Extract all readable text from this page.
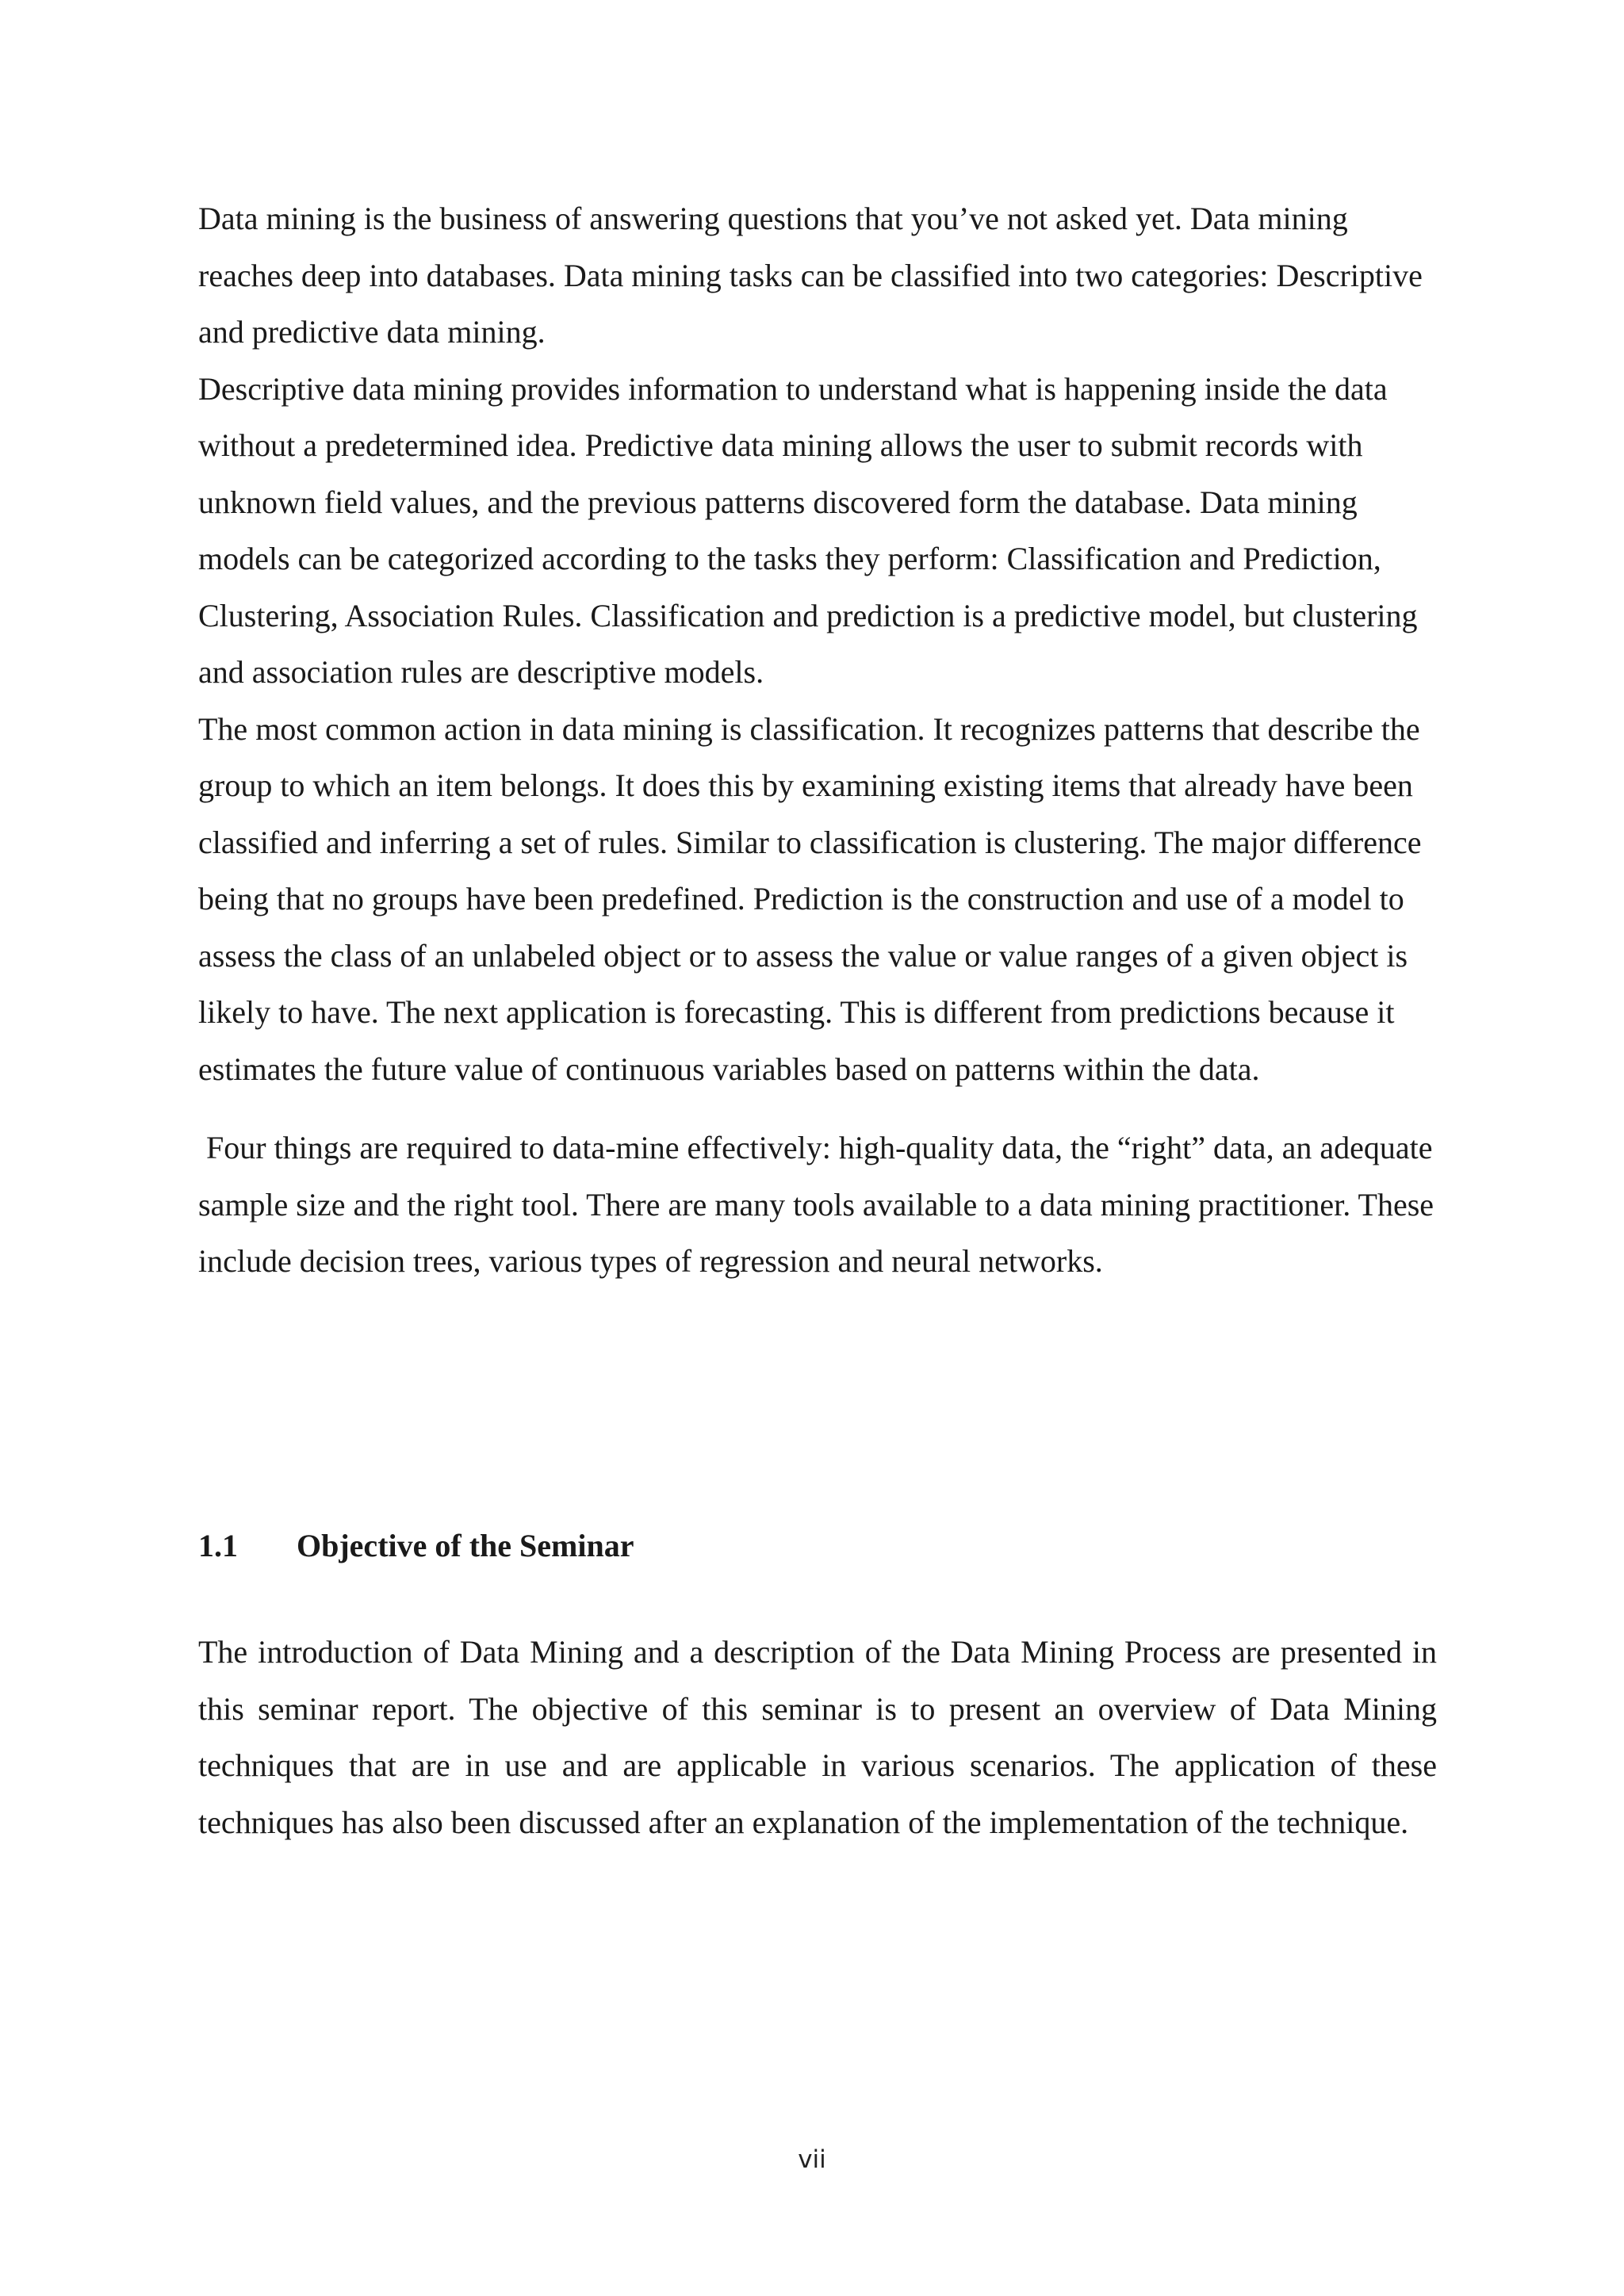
Data mining is the business of answering questions that you’ve not asked yet. Data mining reaches deep into databases. Data mining tasks can be classified into two categories: Descriptive and predictive data mining.

Descriptive data mining provides information to understand what is happening inside the data without a predetermined idea. Predictive data mining allows the user to submit records with unknown field values, and the previous patterns discovered form the database. Data mining models can be categorized according to the tasks they perform: Classification and Prediction, Clustering, Association Rules. Classification and prediction is a predictive model, but clustering and association rules are descriptive models.

The most common action in data mining is classification. It recognizes patterns that describe the group to which an item belongs. It does this by examining existing items that already have been classified and inferring a set of rules. Similar to classification is clustering. The major difference being that no groups have been predefined. Prediction is the construction and use of a model to assess the class of an unlabeled object or to assess the value or value ranges of a given object is likely to have. The next application is forecasting. This is different from predictions because it estimates the future value of continuous variables based on patterns within the data.

Four things are required to data-mine effectively: high-quality data, the “right” data, an adequate sample size and the right tool. There are many tools available to a data mining practitioner. These include decision trees, various types of regression and neural networks.

1.1	Objective of the Seminar

The introduction of Data Mining and a description of the Data Mining Process are presented in this seminar report. The objective of this seminar is to present an overview of Data Mining techniques that are in use and are applicable in various scenarios. The application of these techniques has also been discussed after an explanation of the implementation of the technique.

vii
